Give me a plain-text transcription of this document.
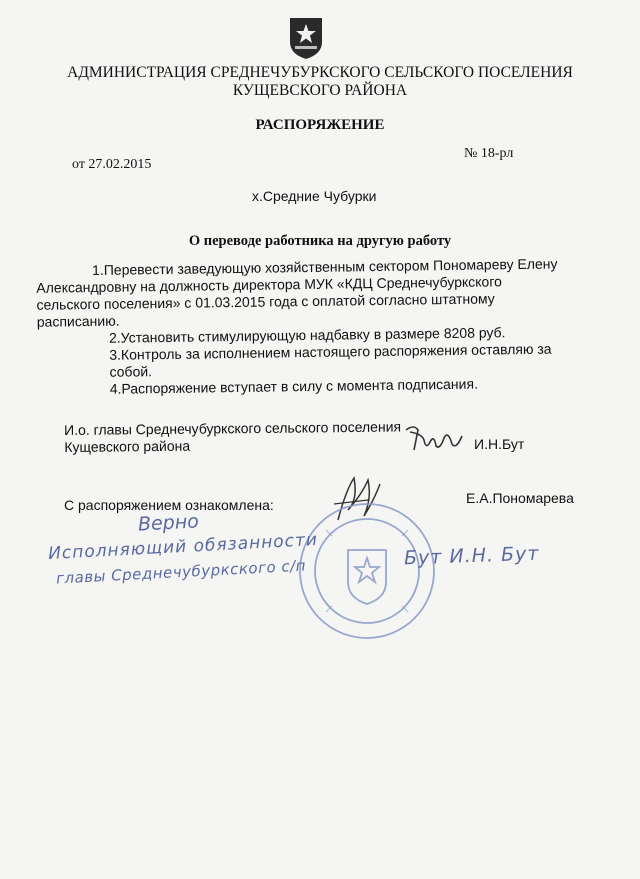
АДМИНИСТРАЦИЯ СРЕДНЕЧУБУРКСКОГО СЕЛЬСКОГО ПОСЕЛЕНИЯ
КУЩЕВСКОГО РАЙОНА
РАСПОРЯЖЕНИЕ
от 27.02.2015
№ 18-рл
х.Средние Чубурки
О переводе работника на другую работу

1.Перевести заведующую хозяйственным сектором Пономареву Елену

Александровну на должность директора МУК «КДЦ Среднечубуркского

сельского поселения» с 01.03.2015 года с оплатой согласно штатному

расписанию.

2.Установить стимулирующую надбавку в размере 8208 руб.

3.Контроль за исполнением настоящего распоряжения оставляю за собой.

4.Распоряжение вступает в силу с момента подписания.

И.о. главы Среднечубуркского сельского поселения
Кущевского района	И.Н.Бут
С распоряжением ознакомлена:	Е.А.Пономарева
Верно
Исполняющий обязанности
главы Среднечубуркского с/п
Бут И.Н. Бут
